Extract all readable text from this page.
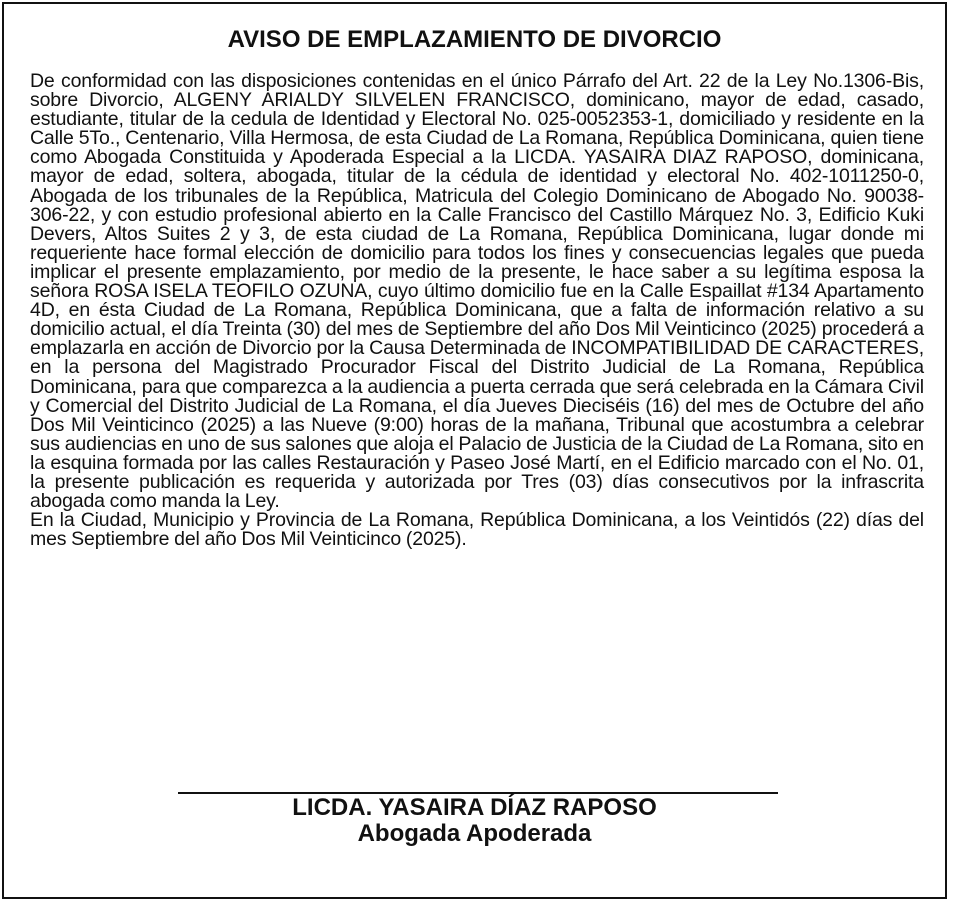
AVISO DE EMPLAZAMIENTO DE DIVORCIO

De conformidad con las disposiciones contenidas en el único Párrafo del Art. 22 de la Ley No.1306-Bis, sobre Divorcio, ALGENY ARIALDY SILVELEN FRANCISCO, dominicano, mayor de edad, casado, estudiante, titular de la cedula de Identidad y Electoral No. 025-0052353-1, domiciliado y residente en la Calle 5To., Centenario, Villa Hermosa, de esta Ciudad de La Romana, República Dominicana, quien tiene como Abogada Constituida y Apoderada Especial a la LICDA. YASAIRA DIAZ RAPOSO, dominicana, mayor de edad, soltera, abogada, titular de la cédula de identidad y electoral No. 402-1011250-0, Abogada de los tribunales de la República, Matricula del Colegio Dominicano de Abogado No. 90038-306-22, y con estudio profesional abierto en la Calle Francisco del Castillo Márquez No. 3, Edificio Kuki Devers, Altos Suites 2 y 3, de esta ciudad de La Romana, República Dominicana, lugar donde mi requeriente hace formal elección de domicilio para todos los fines y consecuencias legales que pueda implicar el presente emplazamiento, por medio de la presente, le hace saber a su legítima esposa la señora ROSA ISELA TEOFILO OZUNA, cuyo último domicilio fue en la Calle Espaillat #134 Apartamento 4D, en ésta Ciudad de La Romana, República Dominicana, que a falta de información relativo a su domicilio actual, el día Treinta (30) del mes de Septiembre del año Dos Mil Veinticinco (2025) procederá a emplazarla en acción de Divorcio por la Causa Determinada de INCOMPATIBILIDAD DE CARACTERES, en la persona del Magistrado Procurador Fiscal del Distrito Judicial de La Romana, República Dominicana, para que comparezca a la audiencia a puerta cerrada que será celebrada en la Cámara Civil y Comercial del Distrito Judicial de La Romana, el día Jueves Dieciséis (16) del mes de Octubre del año Dos Mil Veinticinco (2025) a las Nueve (9:00) horas de la mañana, Tribunal que acostumbra a celebrar sus audiencias en uno de sus salones que aloja el Palacio de Justicia de la Ciudad de La Romana, sito en la esquina formada por las calles Restauración y Paseo José Martí, en el Edificio marcado con el No. 01, la presente publicación es requerida y autorizada por Tres (03) días consecutivos por la infrascrita abogada como manda la Ley.

En la Ciudad, Municipio y Provincia de La Romana, República Dominicana, a los Veintidós (22) días del mes Septiembre del año Dos Mil Veinticinco (2025).

LICDA. YASAIRA DÍAZ RAPOSO
Abogada Apoderada
